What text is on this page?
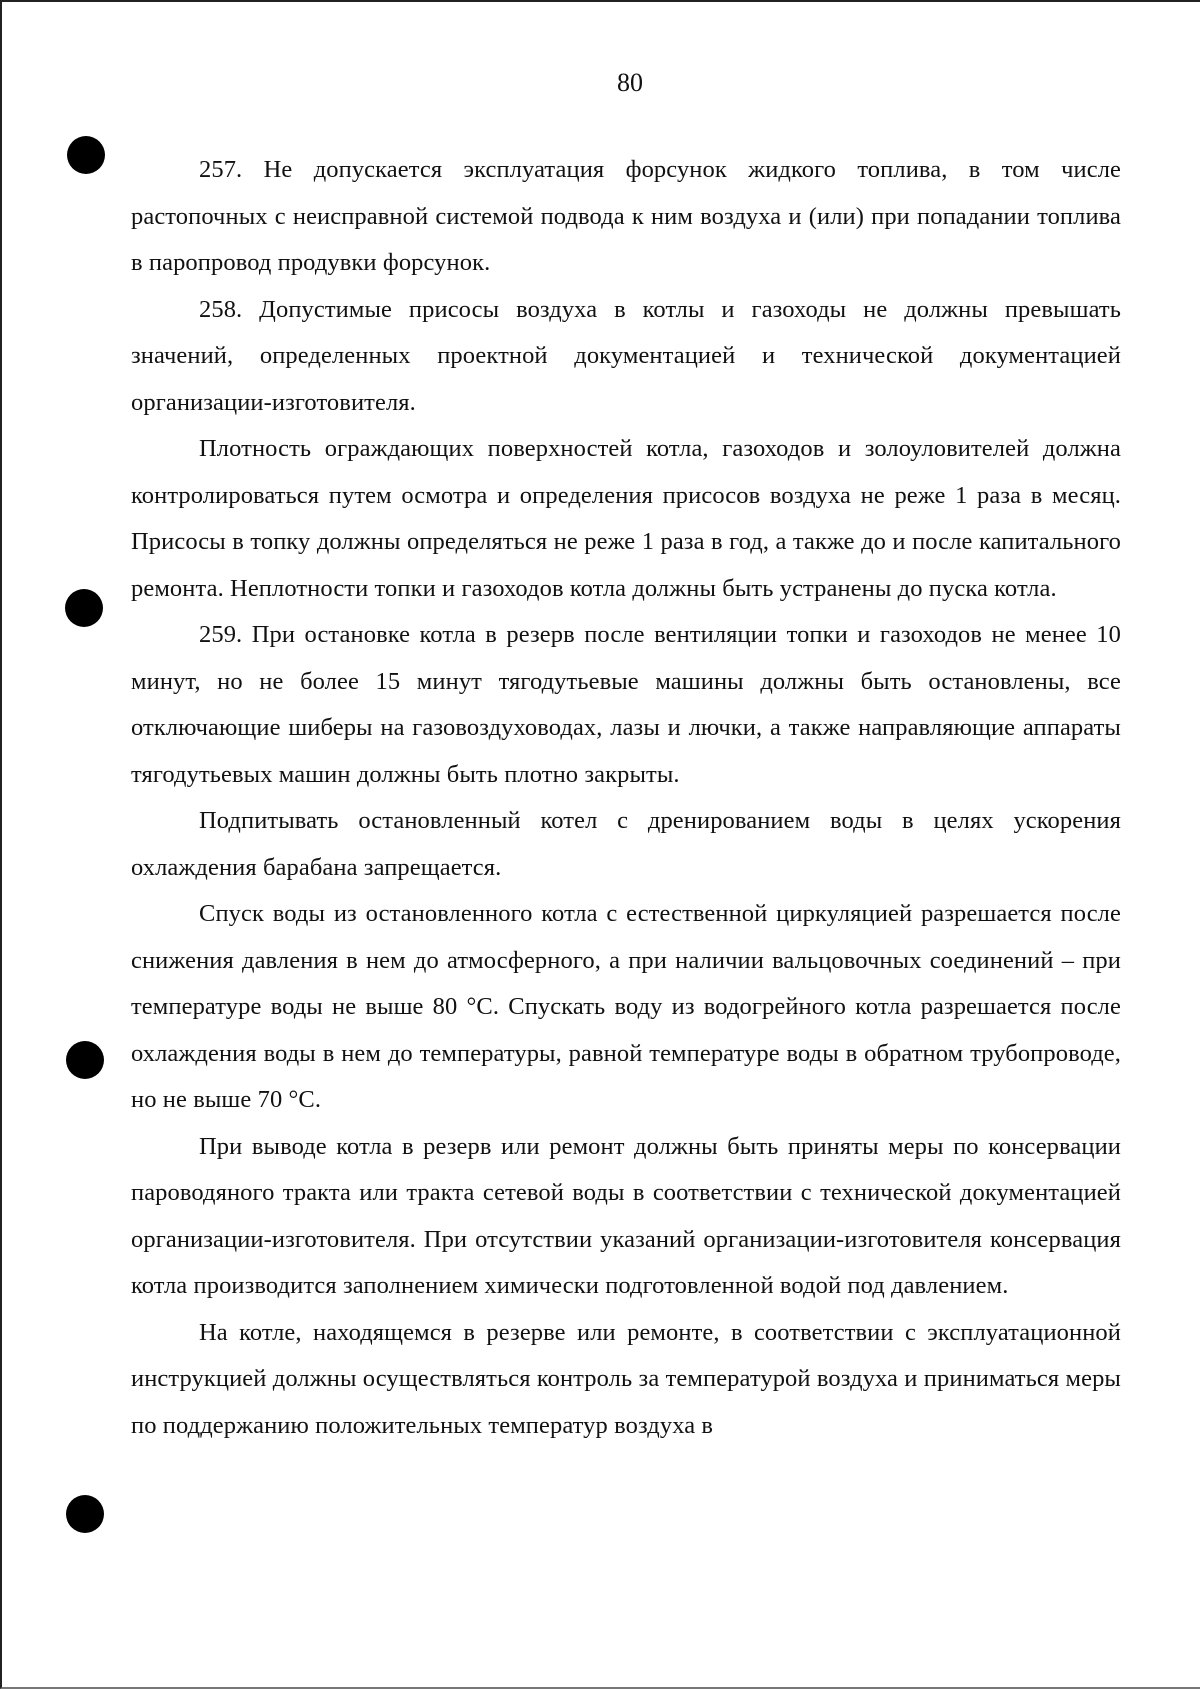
80

257. Не допускается эксплуатация форсунок жидкого топлива, в том числе растопочных с неисправной системой подвода к ним воздуха и (или) при попадании топлива в паропровод продувки форсунок.

258. Допустимые присосы воздуха в котлы и газоходы не должны превышать значений, определенных проектной документацией и технической документацией организации-изготовителя.

Плотность ограждающих поверхностей котла, газоходов и золоуловителей должна контролироваться путем осмотра и определения присосов воздуха не реже 1 раза в месяц. Присосы в топку должны определяться не реже 1 раза в год, а также до и после капитального ремонта. Неплотности топки и газоходов котла должны быть устранены до пуска котла.

259. При остановке котла в резерв после вентиляции топки и газоходов не менее 10 минут, но не более 15 минут тягодутьевые машины должны быть остановлены, все отключающие шиберы на газовоздуховодах, лазы и лючки, а также направляющие аппараты тягодутьевых машин должны быть плотно закрыты.

Подпитывать остановленный котел с дренированием воды в целях ускорения охлаждения барабана запрещается.

Спуск воды из остановленного котла с естественной циркуляцией разрешается после снижения давления в нем до атмосферного, а при наличии вальцовочных соединений – при температуре воды не выше 80 °С. Спускать воду из водогрейного котла разрешается после охлаждения воды в нем до температуры, равной температуре воды в обратном трубопроводе, но не выше 70 °С.

При выводе котла в резерв или ремонт должны быть приняты меры по консервации пароводяного тракта или тракта сетевой воды в соответствии с технической документацией организации-изготовителя. При отсутствии указаний организации-изготовителя консервация котла производится заполнением химически подготовленной водой под давлением.

На котле, находящемся в резерве или ремонте, в соответствии с эксплуатационной инструкцией должны осуществляться контроль за температурой воздуха и приниматься меры по поддержанию положительных температур воздуха в
